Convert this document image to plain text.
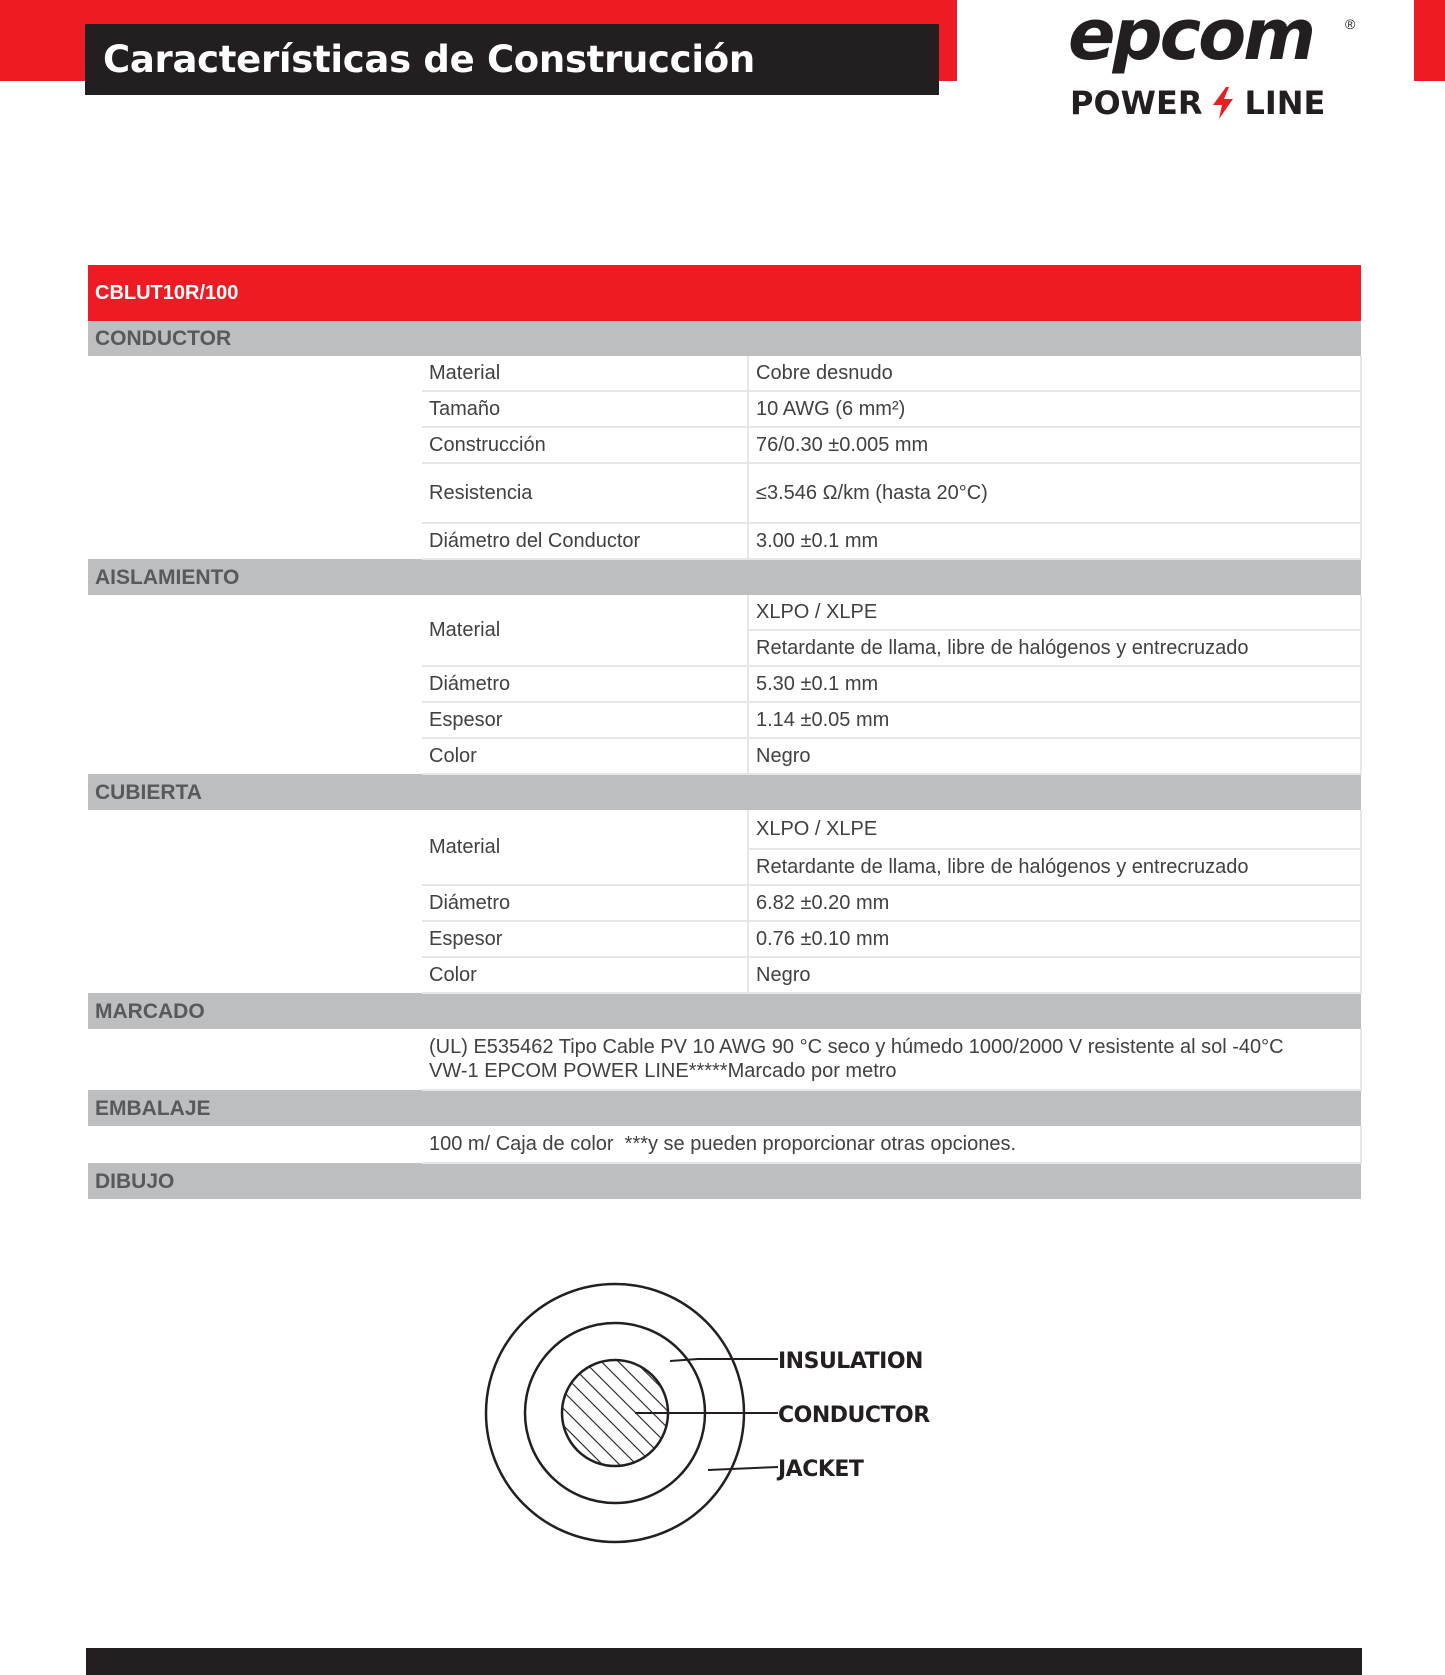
Características de Construcción	epcom ®
POWER LINE
CBLUT10R/100		
CONDUCTOR		
	Material	Cobre desnudo
	Tamaño	10 AWG (6 mm²)
	Construcción	76/0.30 ±0.005 mm
	Resistencia	≤3.546 Ω/km (hasta 20°C)
	Diámetro del Conductor	3.00 ±0.1 mm
AISLAMIENTO		
	Material	XLPO / XLPE
		Retardante de llama, libre de halógenos y entrecruzado
	Diámetro	5.30 ±0.1 mm
	Espesor	1.14 ±0.05 mm
	Color	Negro
CUBIERTA		
	Material	XLPO / XLPE
		Retardante de llama, libre de halógenos y entrecruzado
	Diámetro	6.82 ±0.20 mm
	Espesor	0.76 ±0.10 mm
	Color	Negro
MARCADO		

	(UL) E535462 Tipo Cable PV 10 AWG 90 °C seco y húmedo 1000/2000 V resistente al sol -40°C
VW-1 EPCOM POWER LINE*****Marcado por metro	

EMBALAJE		
	100 m/ Caja de color  ***y se pueden proporcionar otras opciones.	
DIBUJO		
INSULATION
CONDUCTOR
JACKET
